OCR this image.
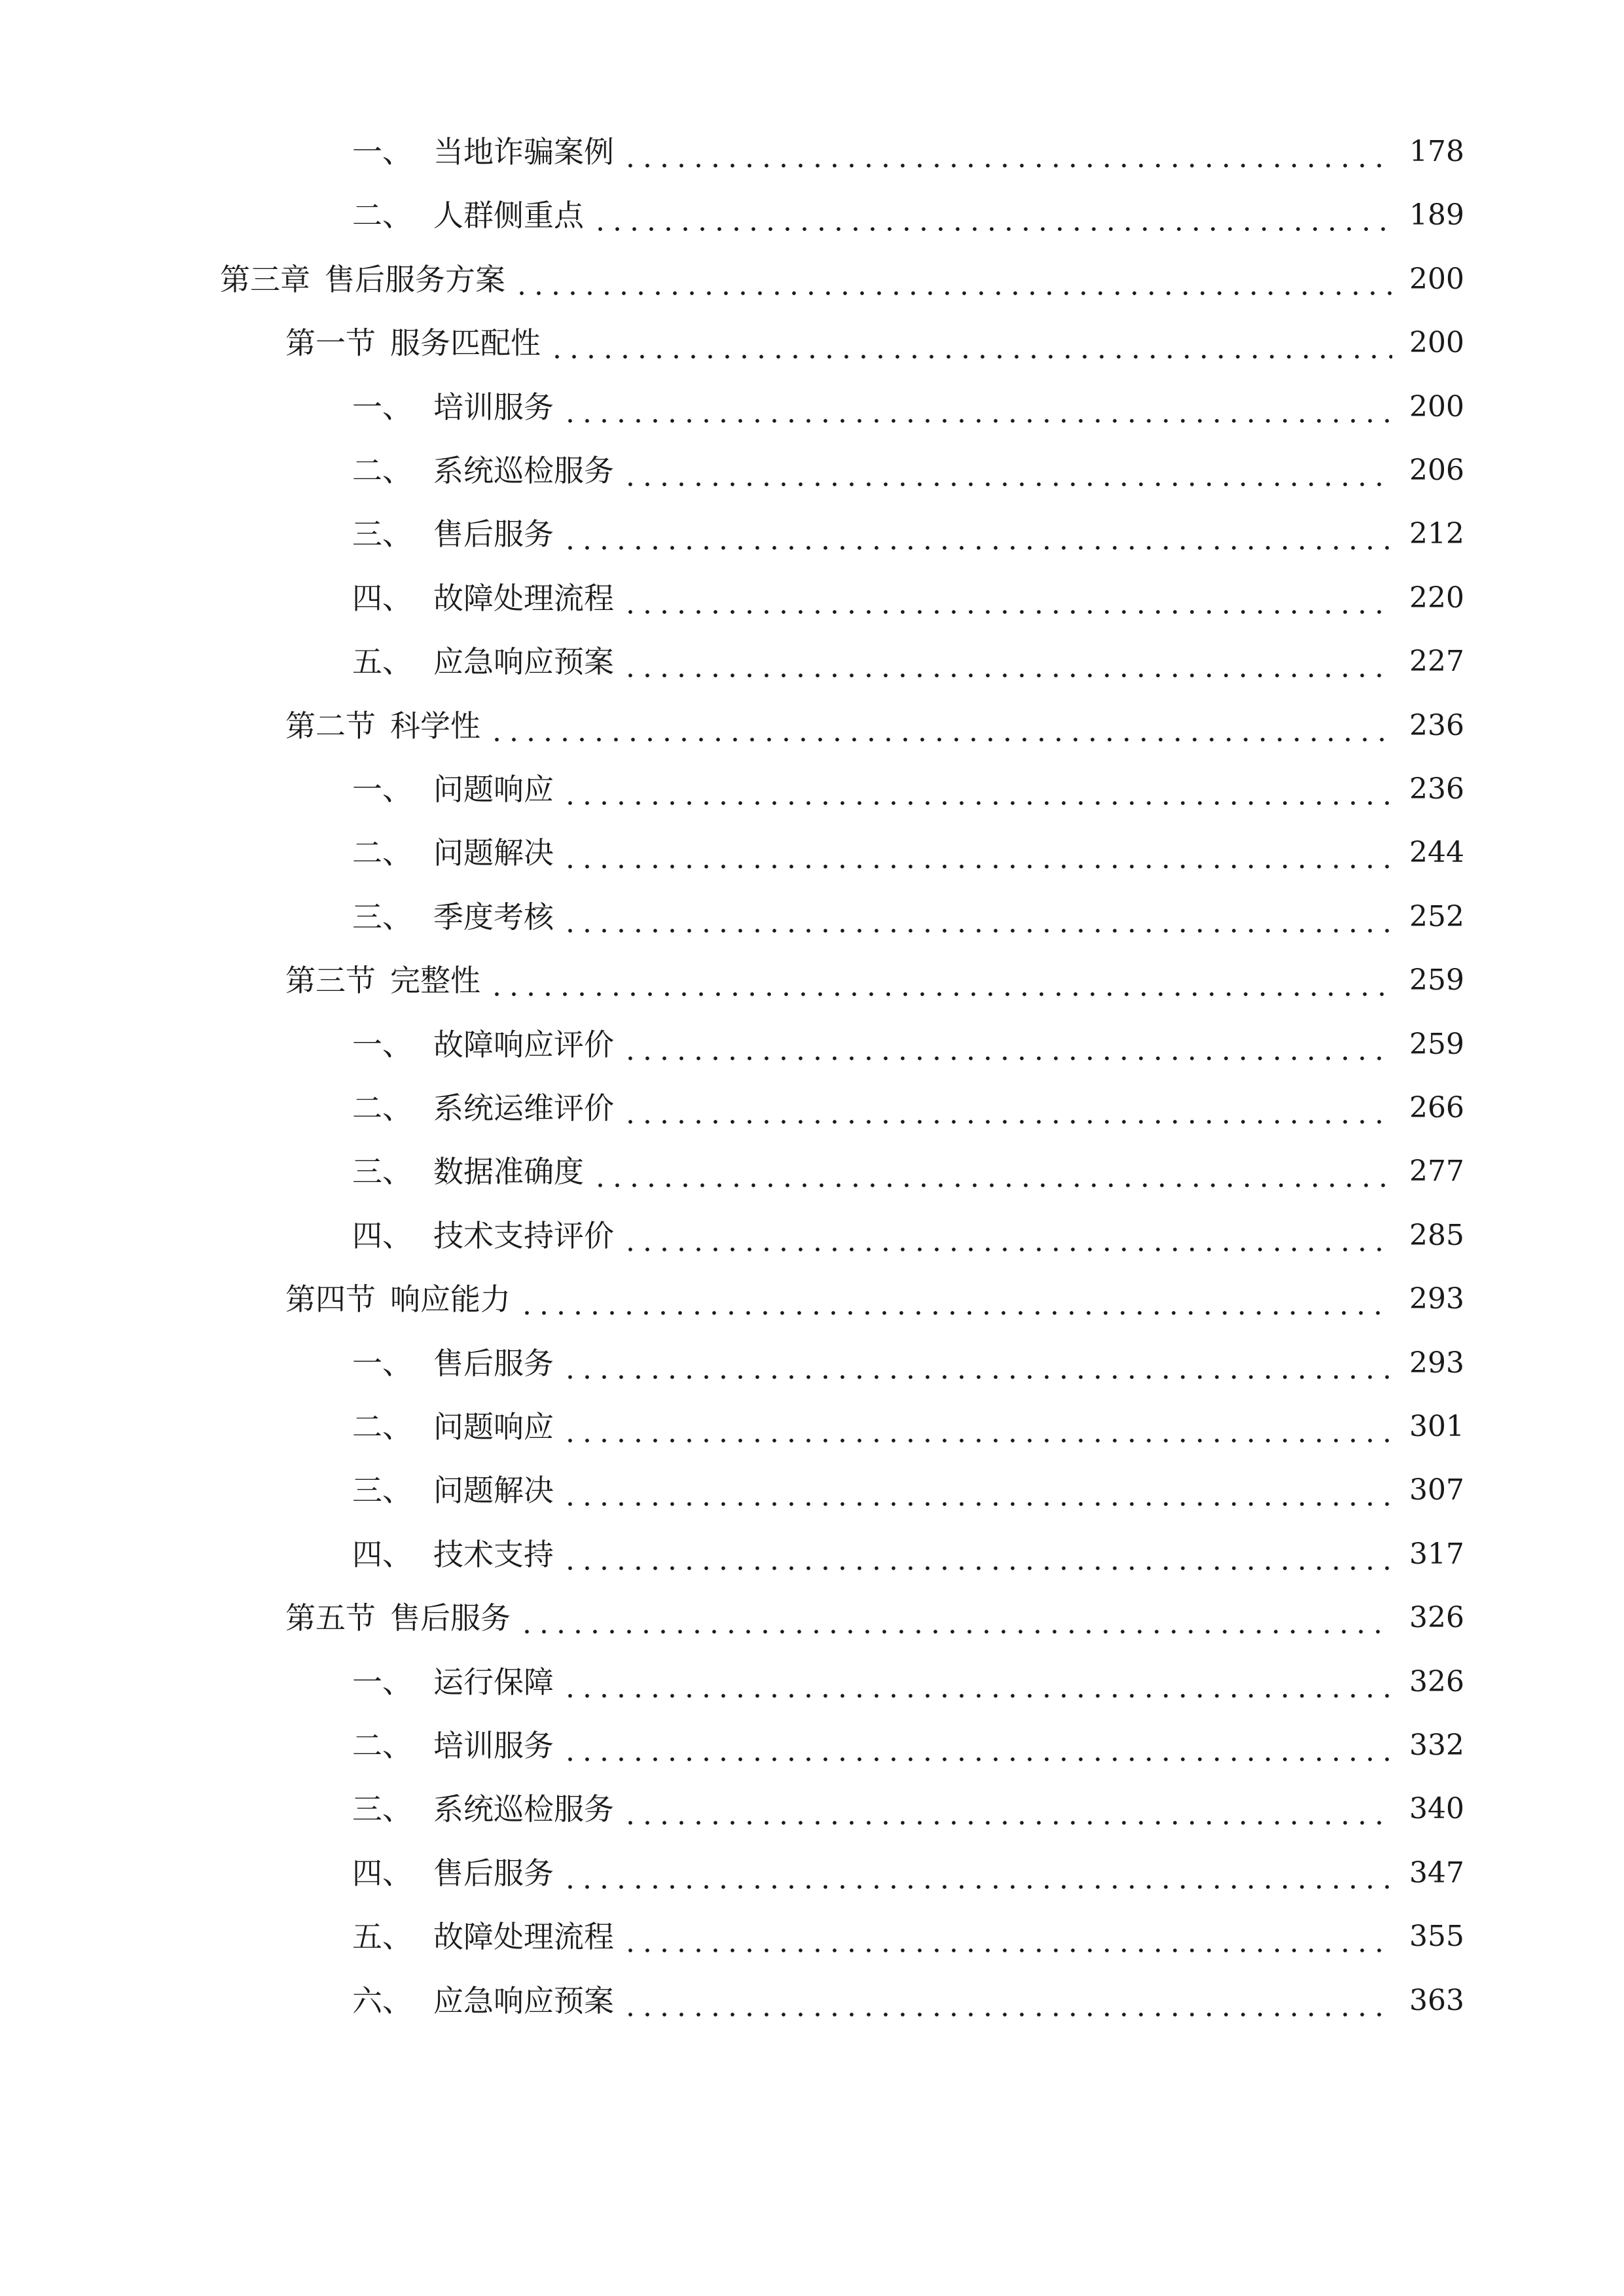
一、 当地诈骗案例	178
二、 人群侧重点	189
第三章 售后服务方案	200
第一节 服务匹配性	200
一、 培训服务	200
二、 系统巡检服务	206
三、 售后服务	212
四、 故障处理流程	220
五、 应急响应预案	227
第二节 科学性	236
一、 问题响应	236
二、 问题解决	244
三、 季度考核	252
第三节 完整性	259
一、 故障响应评价	259
二、 系统运维评价	266
三、 数据准确度	277
四、 技术支持评价	285
第四节 响应能力	293
一、 售后服务	293
二、 问题响应	301
三、 问题解决	307
四、 技术支持	317
第五节 售后服务	326
一、 运行保障	326
二、 培训服务	332
三、 系统巡检服务	340
四、 售后服务	347
五、 故障处理流程	355
六、 应急响应预案	363
